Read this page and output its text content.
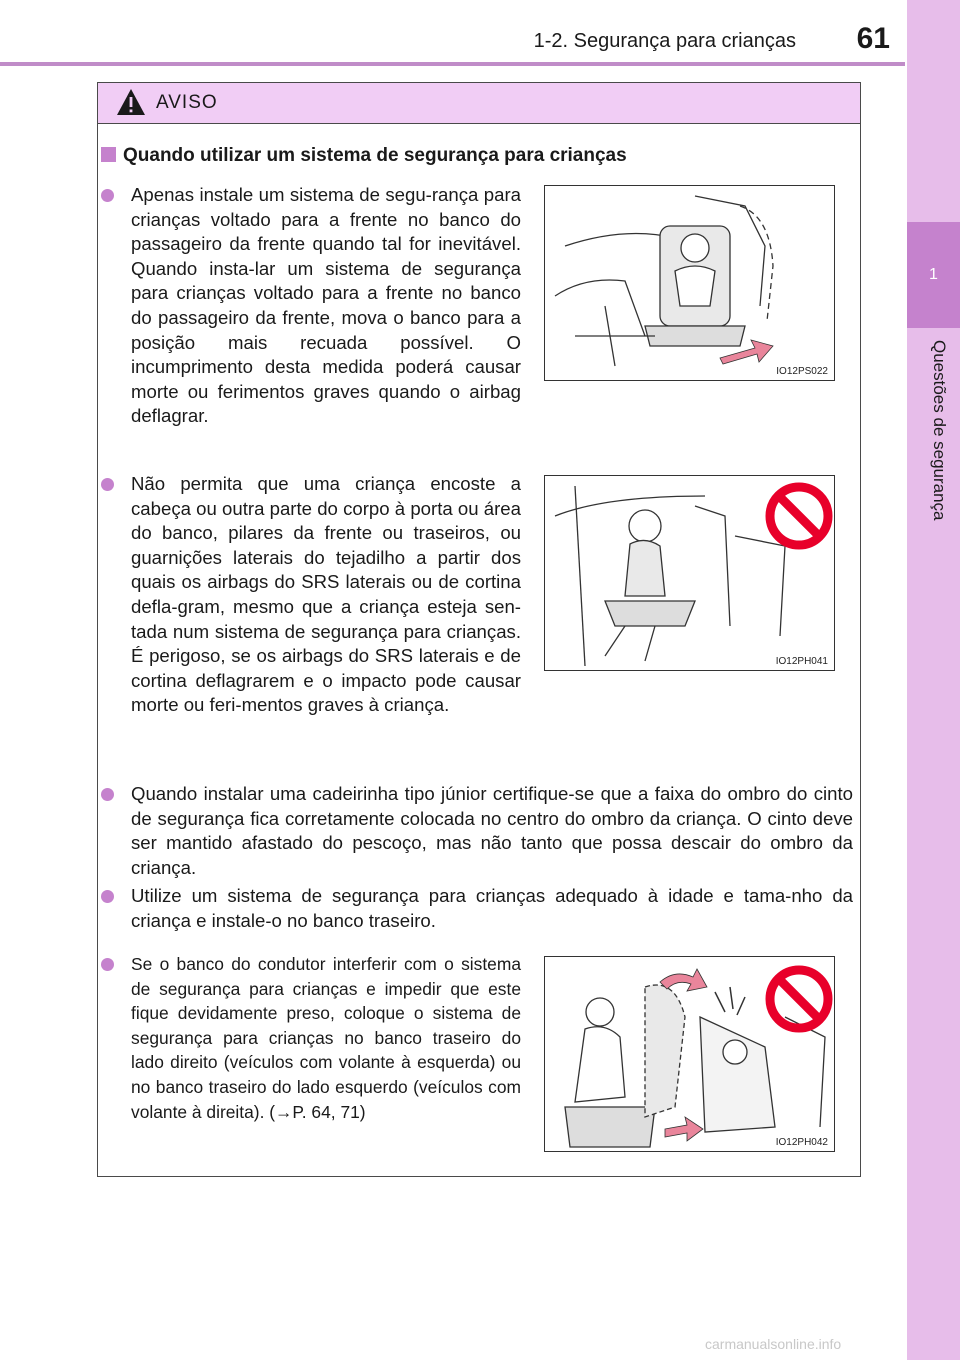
1-2. Segurança para crianças	61
1
Questões de segurança
AVISO
Quando utilizar um sistema de segurança para crianças
Apenas instale um sistema de segu-rança para crianças voltado para a frente no banco do passageiro da frente quando tal for inevitável. Quando insta-lar um sistema de segurança para crianças voltado para a frente no banco do passageiro da frente, mova o banco para a posição mais recuada possível. O incumprimento desta medida poderá causar morte ou ferimentos graves quando o airbag deflagrar.
Não permita que uma criança encoste a cabeça ou outra parte do corpo à porta ou área do banco, pilares da frente ou traseiros, ou guarnições laterais do tejadilho a partir dos quais os airbags do SRS laterais ou de cortina defla-gram, mesmo que a criança esteja sen-tada num sistema de segurança para crianças. É perigoso, se os airbags do SRS laterais e de cortina deflagrarem e o impacto pode causar morte ou feri-mentos graves à criança.
Quando instalar uma cadeirinha tipo júnior certifique-se que a faixa do ombro do cinto de segurança fica corretamente colocada no centro do ombro da criança. O cinto deve ser mantido afastado do pescoço, mas não tanto que possa descair do ombro da criança.
Utilize um sistema de segurança para crianças adequado à idade e tama-nho da criança e instale-o no banco traseiro.
Se o banco do condutor interferir com o sistema de segurança para crianças e impedir que este fique devidamente preso, coloque o sistema de segurança para crianças no banco traseiro do lado direito (veículos com volante à esquerda) ou no banco traseiro do lado esquerdo (veículos com volante à direita). (→P. 64, 71)
IO12PS022
IO12PH041
IO12PH042
carmanualsonline.info
